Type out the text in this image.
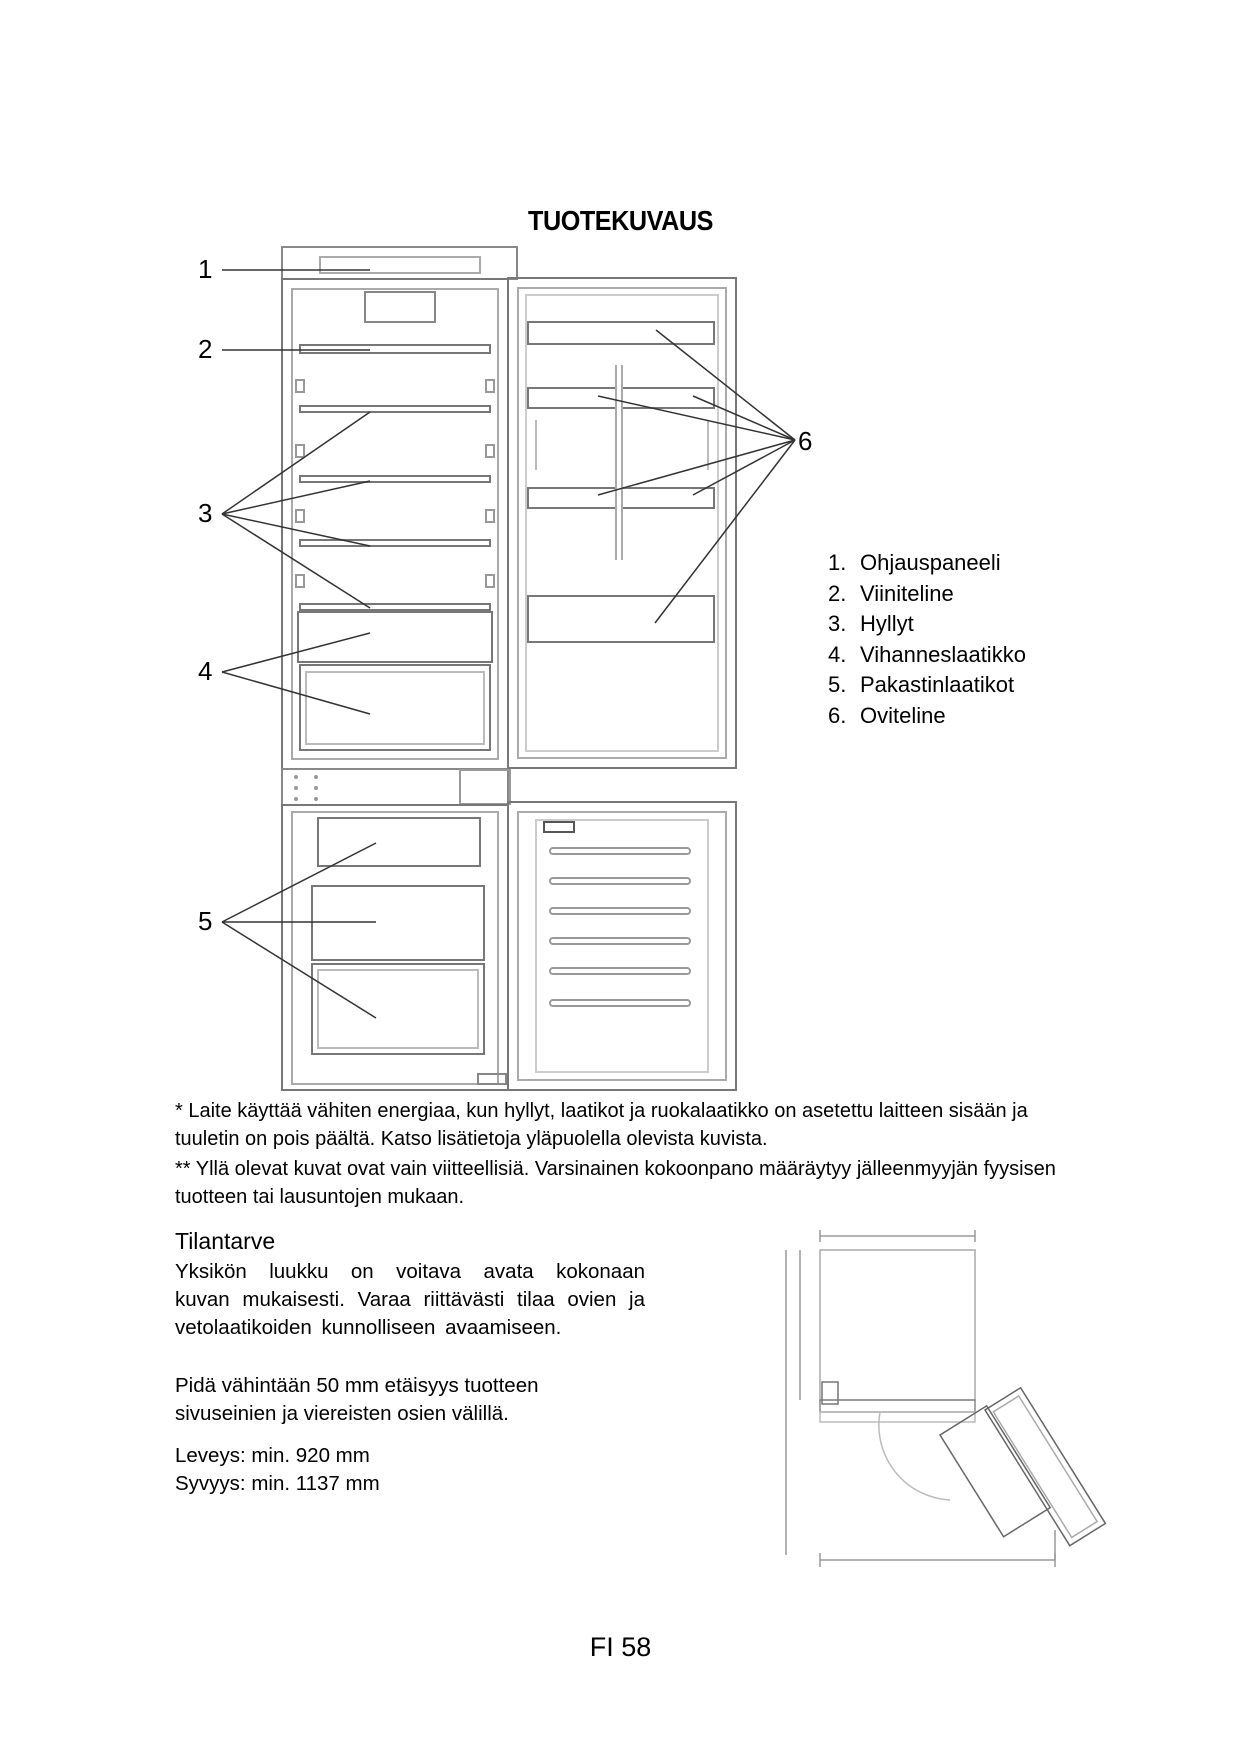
TUOTEKUVAUS
1
2
3
4
5
6
1. Ohjauspaneeli
2. Viiniteline
3. Hyllyt
4. Vihanneslaatikko
5. Pakastinlaatikot
6. Oviteline
* Laite käyttää vähiten energiaa, kun hyllyt, laatikot ja ruokalaatikko on asetettu laitteen sisään ja tuuletin on pois päältä. Katso lisätietoja yläpuolella olevista kuvista.
** Yllä olevat kuvat ovat vain viitteellisiä. Varsinainen kokoonpano määräytyy jälleenmyyjän fyysisen tuotteen tai lausuntojen mukaan.
Tilantarve
Yksikön luukku on voitava avata kokonaan kuvan mukaisesti. Varaa riittävästi tilaa ovien ja vetolaatikoiden kunnolliseen avaamiseen.
Pidä vähintään 50 mm etäisyys tuotteen sivuseinien ja viereisten osien välillä.
Leveys: min. 920 mm
Syvyys: min. 1137 mm
FI 58
